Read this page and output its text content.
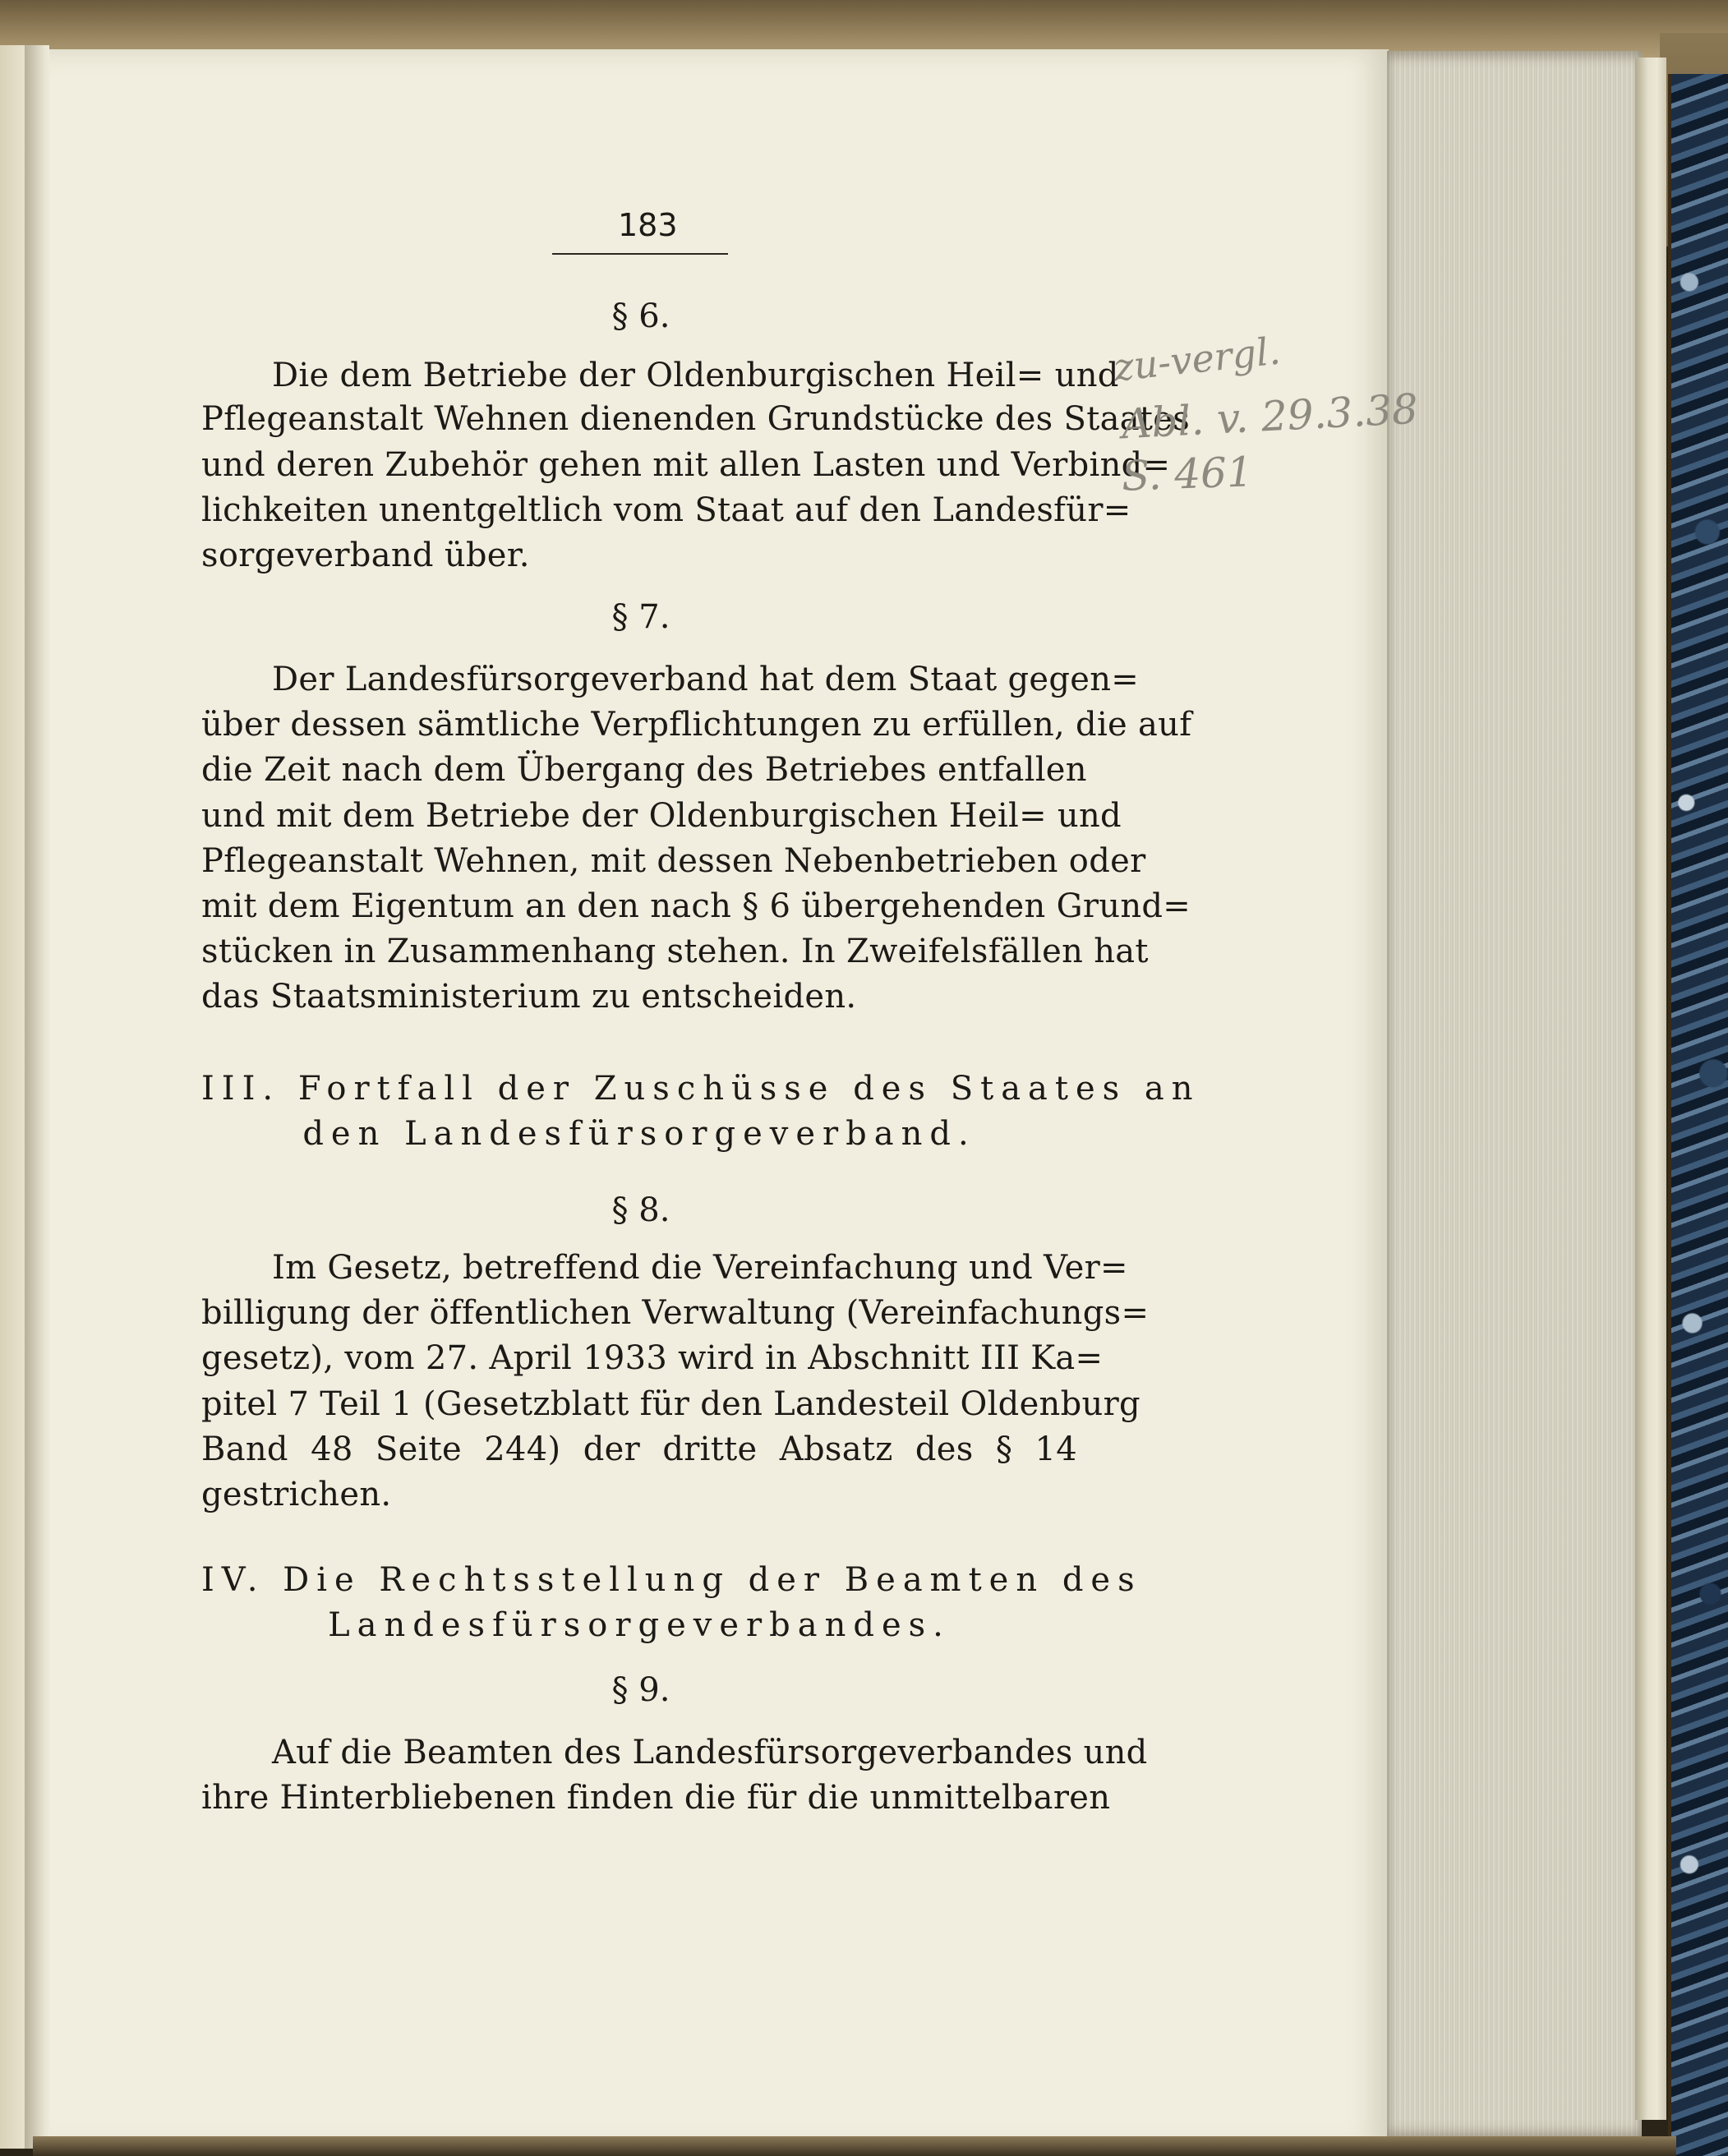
183
§ 6.
Die dem Betriebe der Oldenburgischen Heil= und
Pflegeanstalt Wehnen dienenden Grundstücke des Staates
und deren Zubehör gehen mit allen Lasten und Verbind=
lichkeiten unentgeltlich vom Staat auf den Landesfür=
sorgeverband über.
§ 7.
Der Landesfürsorgeverband hat dem Staat gegen=
über dessen sämtliche Verpflichtungen zu erfüllen, die auf
die Zeit nach dem Übergang des Betriebes entfallen
und mit dem Betriebe der Oldenburgischen Heil= und
Pflegeanstalt Wehnen, mit dessen Nebenbetrieben oder
mit dem Eigentum an den nach § 6 übergehenden Grund=
stücken in Zusammenhang stehen. In Zweifelsfällen hat
das Staatsministerium zu entscheiden.
III. Fortfall der Zuschüsse des Staates an
den Landesfürsorgeverband.
§ 8.
Im Gesetz, betreffend die Vereinfachung und Ver=
billigung der öffentlichen Verwaltung (Vereinfachungs=
gesetz), vom 27. April 1933 wird in Abschnitt III Ka=
pitel 7 Teil 1 (Gesetzblatt für den Landesteil Oldenburg
Band 48 Seite 244) der dritte Absatz des § 14
gestrichen.
IV. Die Rechtsstellung der Beamten des
Landesfürsorgeverbandes.
§ 9.
Auf die Beamten des Landesfürsorgeverbandes und
ihre Hinterbliebenen finden die für die unmittelbaren
zu-vergl.
Abl. v. 29.3.38
S. 461
